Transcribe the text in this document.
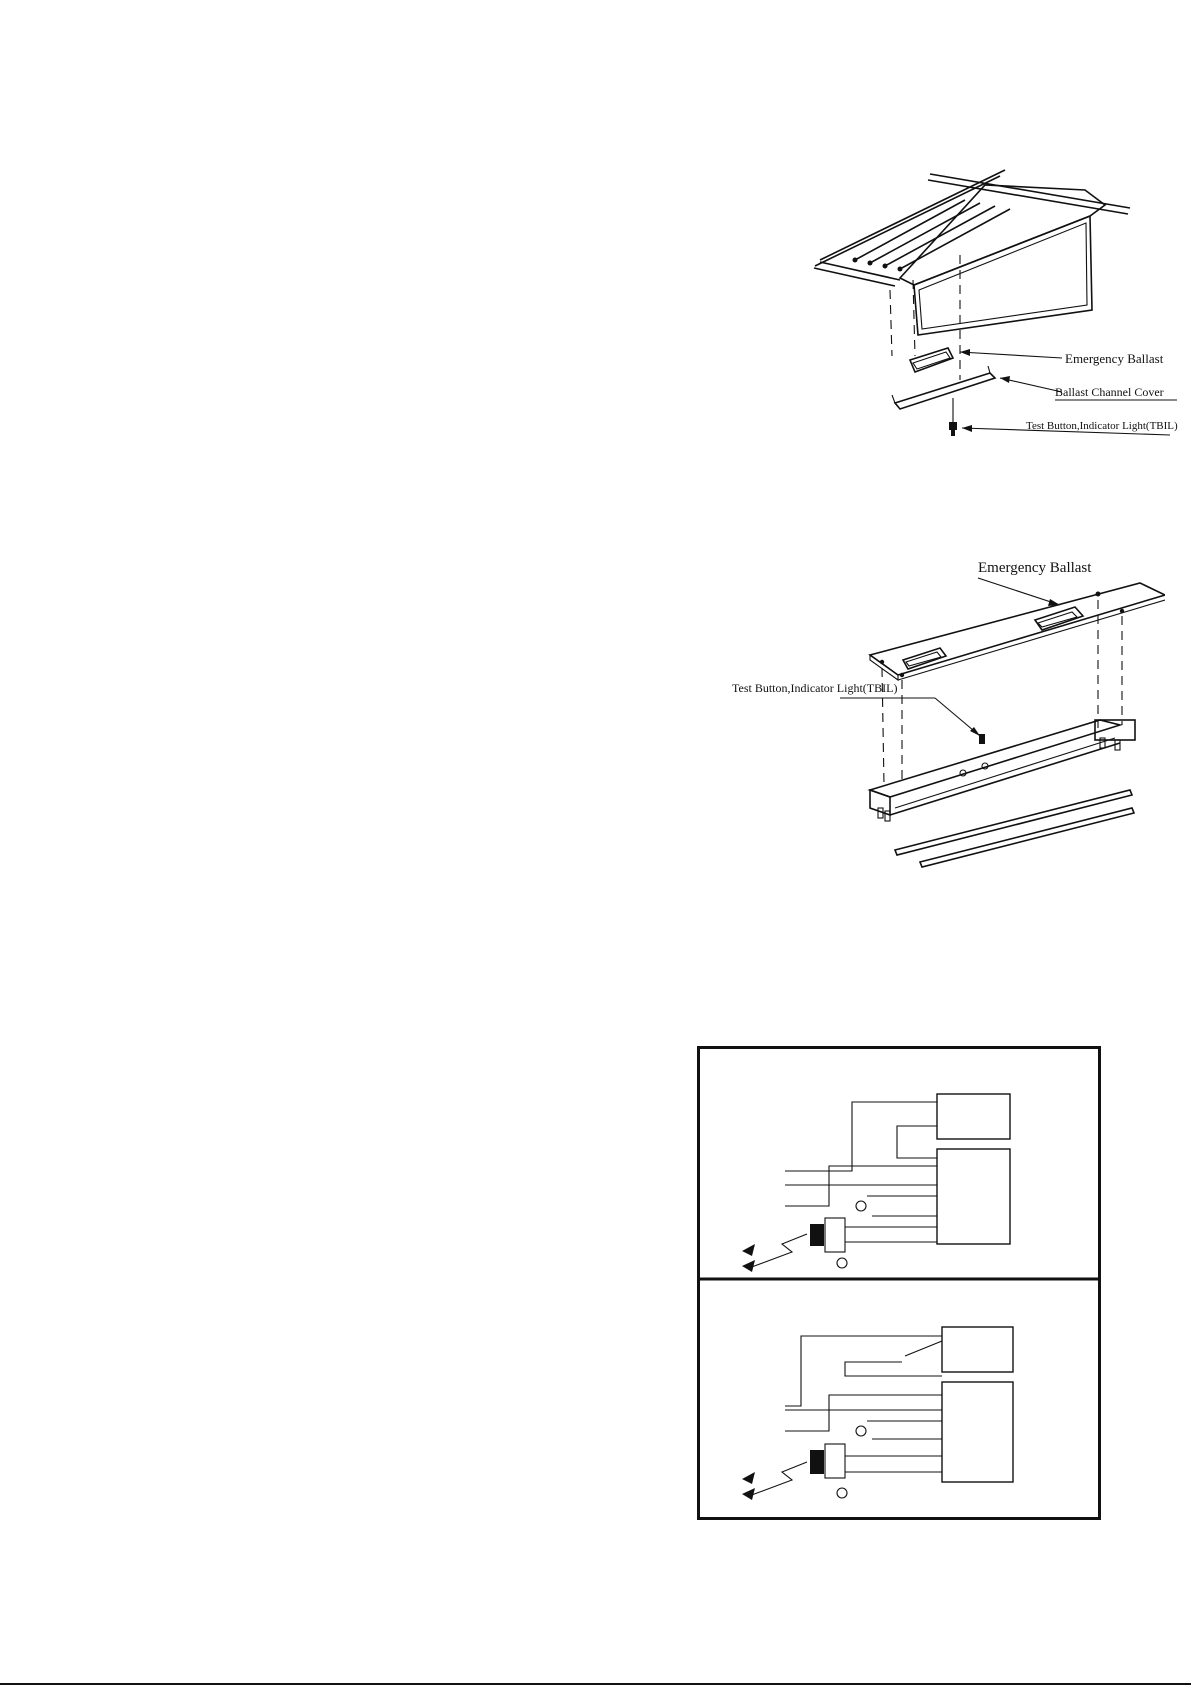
Emergency Ballast
Ballast Channel Cover
Test Button,Indicator Light(TBIL)
Emergency Ballast
Test Button,Indicator Light(TBIL)
